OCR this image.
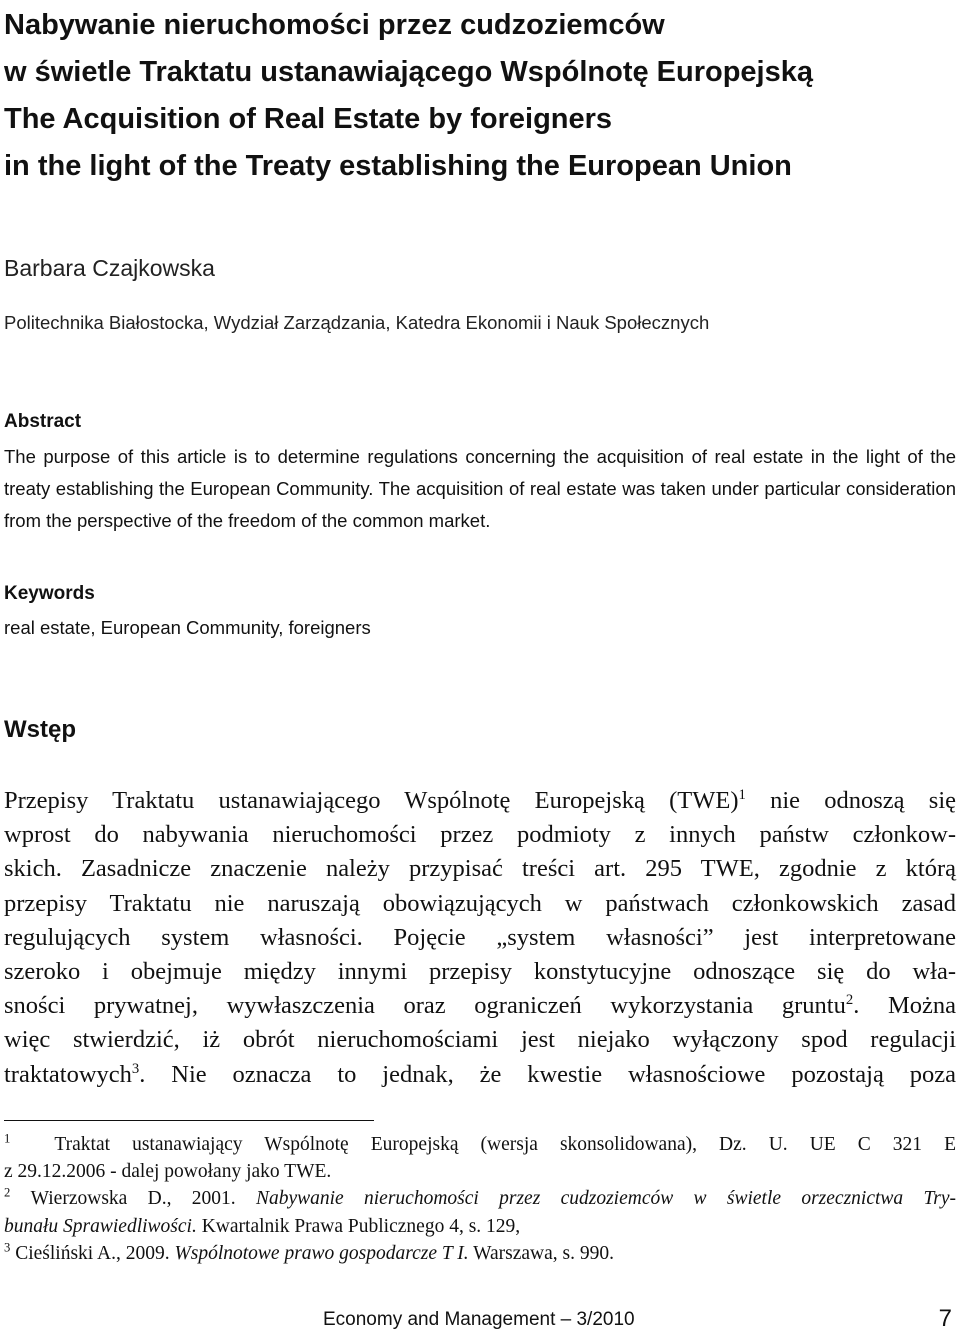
Nabywanie nieruchomości przez cudzoziemców
w świetle Traktatu ustanawiającego Wspólnotę Europejską
The Acquisition of Real Estate by foreigners
in the light of the Treaty establishing the European Union
Barbara Czajkowska
Politechnika Białostocka, Wydział Zarządzania, Katedra Ekonomii i Nauk Społecznych
Abstract
The purpose of this article is to determine regulations concerning the acquisition of real estate in the light of the treaty establishing the European Community. The acquisition of real estate was taken under particular consideration from the perspective of the freedom of the common market.
Keywords
real estate, European Community, foreigners
Wstęp
Przepisy Traktatu ustanawiającego Wspólnotę Europejską (TWE)$^1$ nie odnoszą się
wprost do nabywania nieruchomości przez podmioty z innych państw członkow-
skich. Zasadnicze znaczenie należy przypisać treści art. 295 TWE, zgodnie z którą
przepisy Traktatu nie naruszają obowiązujących w państwach członkowskich zasad
regulujących system własności. Pojęcie „system własności” jest interpretowane
szeroko i obejmuje między innymi przepisy konstytucyjne odnoszące się do wła-
sności prywatnej, wywłaszczenia oraz ograniczeń wykorzystania gruntu$^2$. Można
więc stwierdzić, iż obrót nieruchomościami jest niejako wyłączony spod regulacji
traktatowych$^3$. Nie oznacza to jednak, że kwestie własnościowe pozostają poza
$^1$ Traktat ustanawiający Wspólnotę Europejską (wersja skonsolidowana), Dz. U. UE C 321 E
z 29.12.2006 - dalej powołany jako TWE.
$^2$ Wierzowska D., 2001. Nabywanie nieruchomości przez cudzoziemców w świetle orzecznictwa Try-
bunału Sprawiedliwości. Kwartalnik Prawa Publicznego 4, s. 129,
$^3$ Cieśliński A., 2009. Wspólnotowe prawo gospodarcze T I. Warszawa, s. 990.
Economy and Management – 3/2010	7
